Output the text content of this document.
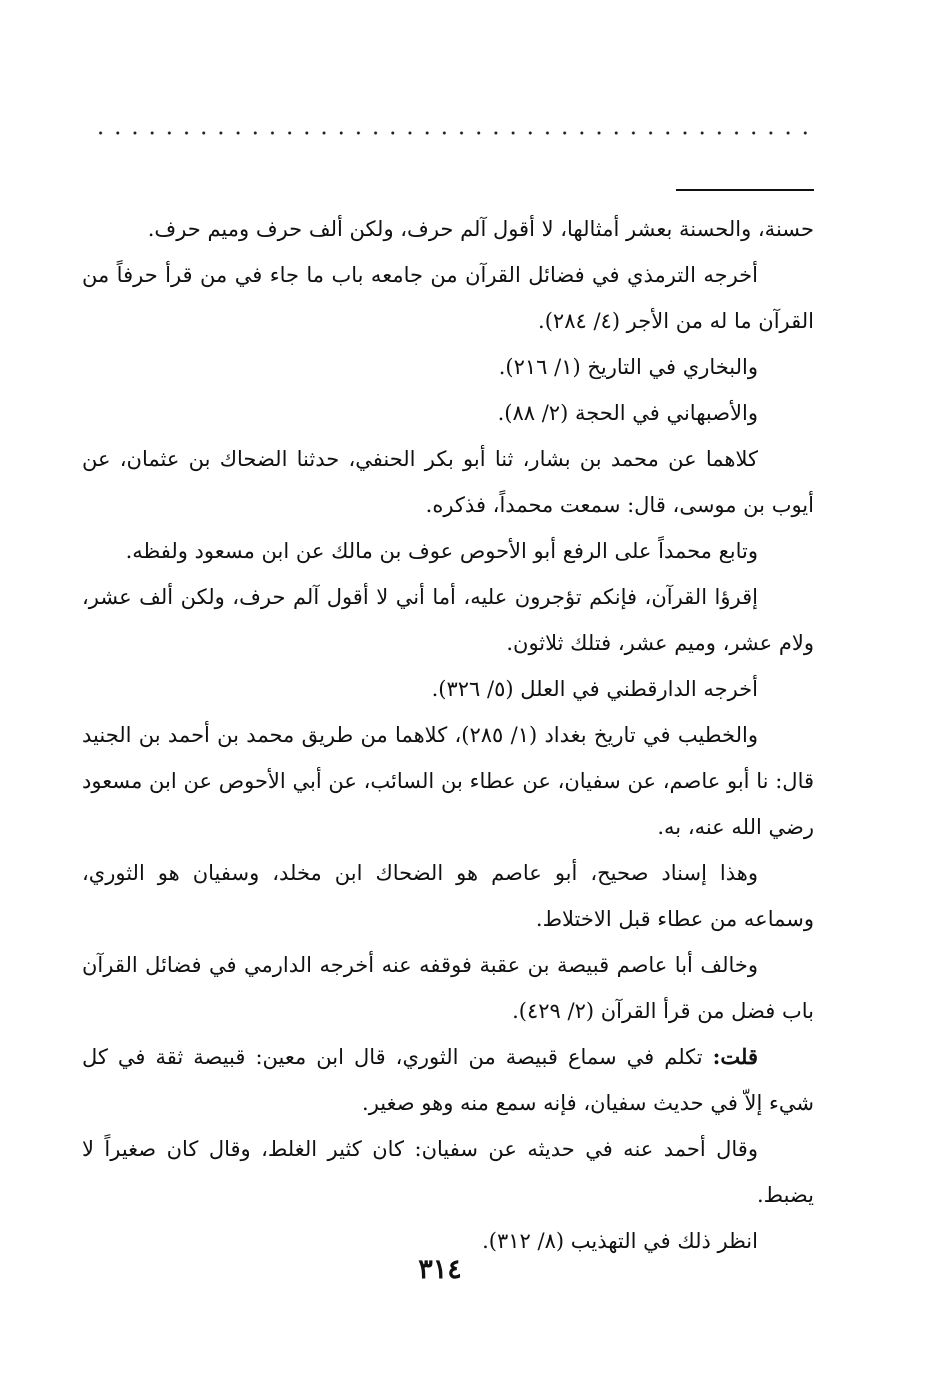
حسنة، والحسنة بعشر أمثالها، لا أقول آلم حرف، ولكن ألف حرف وميم حرف.

أخرجه الترمذي في فضائل القرآن من جامعه باب ما جاء في من قرأ حرفاً من القرآن ما له من الأجر (٤/ ٢٨٤).

والبخاري في التاريخ (١/ ٢١٦).

والأصبهاني في الحجة (٢/ ٨٨).

كلاهما عن محمد بن بشار، ثنا أبو بكر الحنفي، حدثنا الضحاك بن عثمان، عن أيوب بن موسى، قال: سمعت محمداً، فذكره.

وتابع محمداً على الرفع أبو الأحوص عوف بن مالك عن ابن مسعود ولفظه.

إقرؤا القرآن، فإنكم تؤجرون عليه، أما أني لا أقول آلم حرف، ولكن ألف عشر، ولام عشر، وميم عشر، فتلك ثلاثون.

أخرجه الدارقطني في العلل (٥/ ٣٢٦).

والخطيب في تاريخ بغداد (١/ ٢٨٥)، كلاهما من طريق محمد بن أحمد بن الجنيد قال: نا أبو عاصم، عن سفيان، عن عطاء بن السائب، عن أبي الأحوص عن ابن مسعود رضي الله عنه، به.

وهذا إسناد صحيح، أبو عاصم هو الضحاك ابن مخلد، وسفيان هو الثوري، وسماعه من عطاء قبل الاختلاط.

وخالف أبا عاصم قبيصة بن عقبة فوقفه عنه أخرجه الدارمي في فضائل القرآن باب فضل من قرأ القرآن (٢/ ٤٢٩).

قلت: تكلم في سماع قبيصة من الثوري، قال ابن معين: قبيصة ثقة في كل شيء إلاّ في حديث سفيان، فإنه سمع منه وهو صغير.

وقال أحمد عنه في حديثه عن سفيان: كان كثير الغلط، وقال كان صغيراً لا يضبط.

انظر ذلك في التهذيب (٨/ ٣١٢).

٣١٤
